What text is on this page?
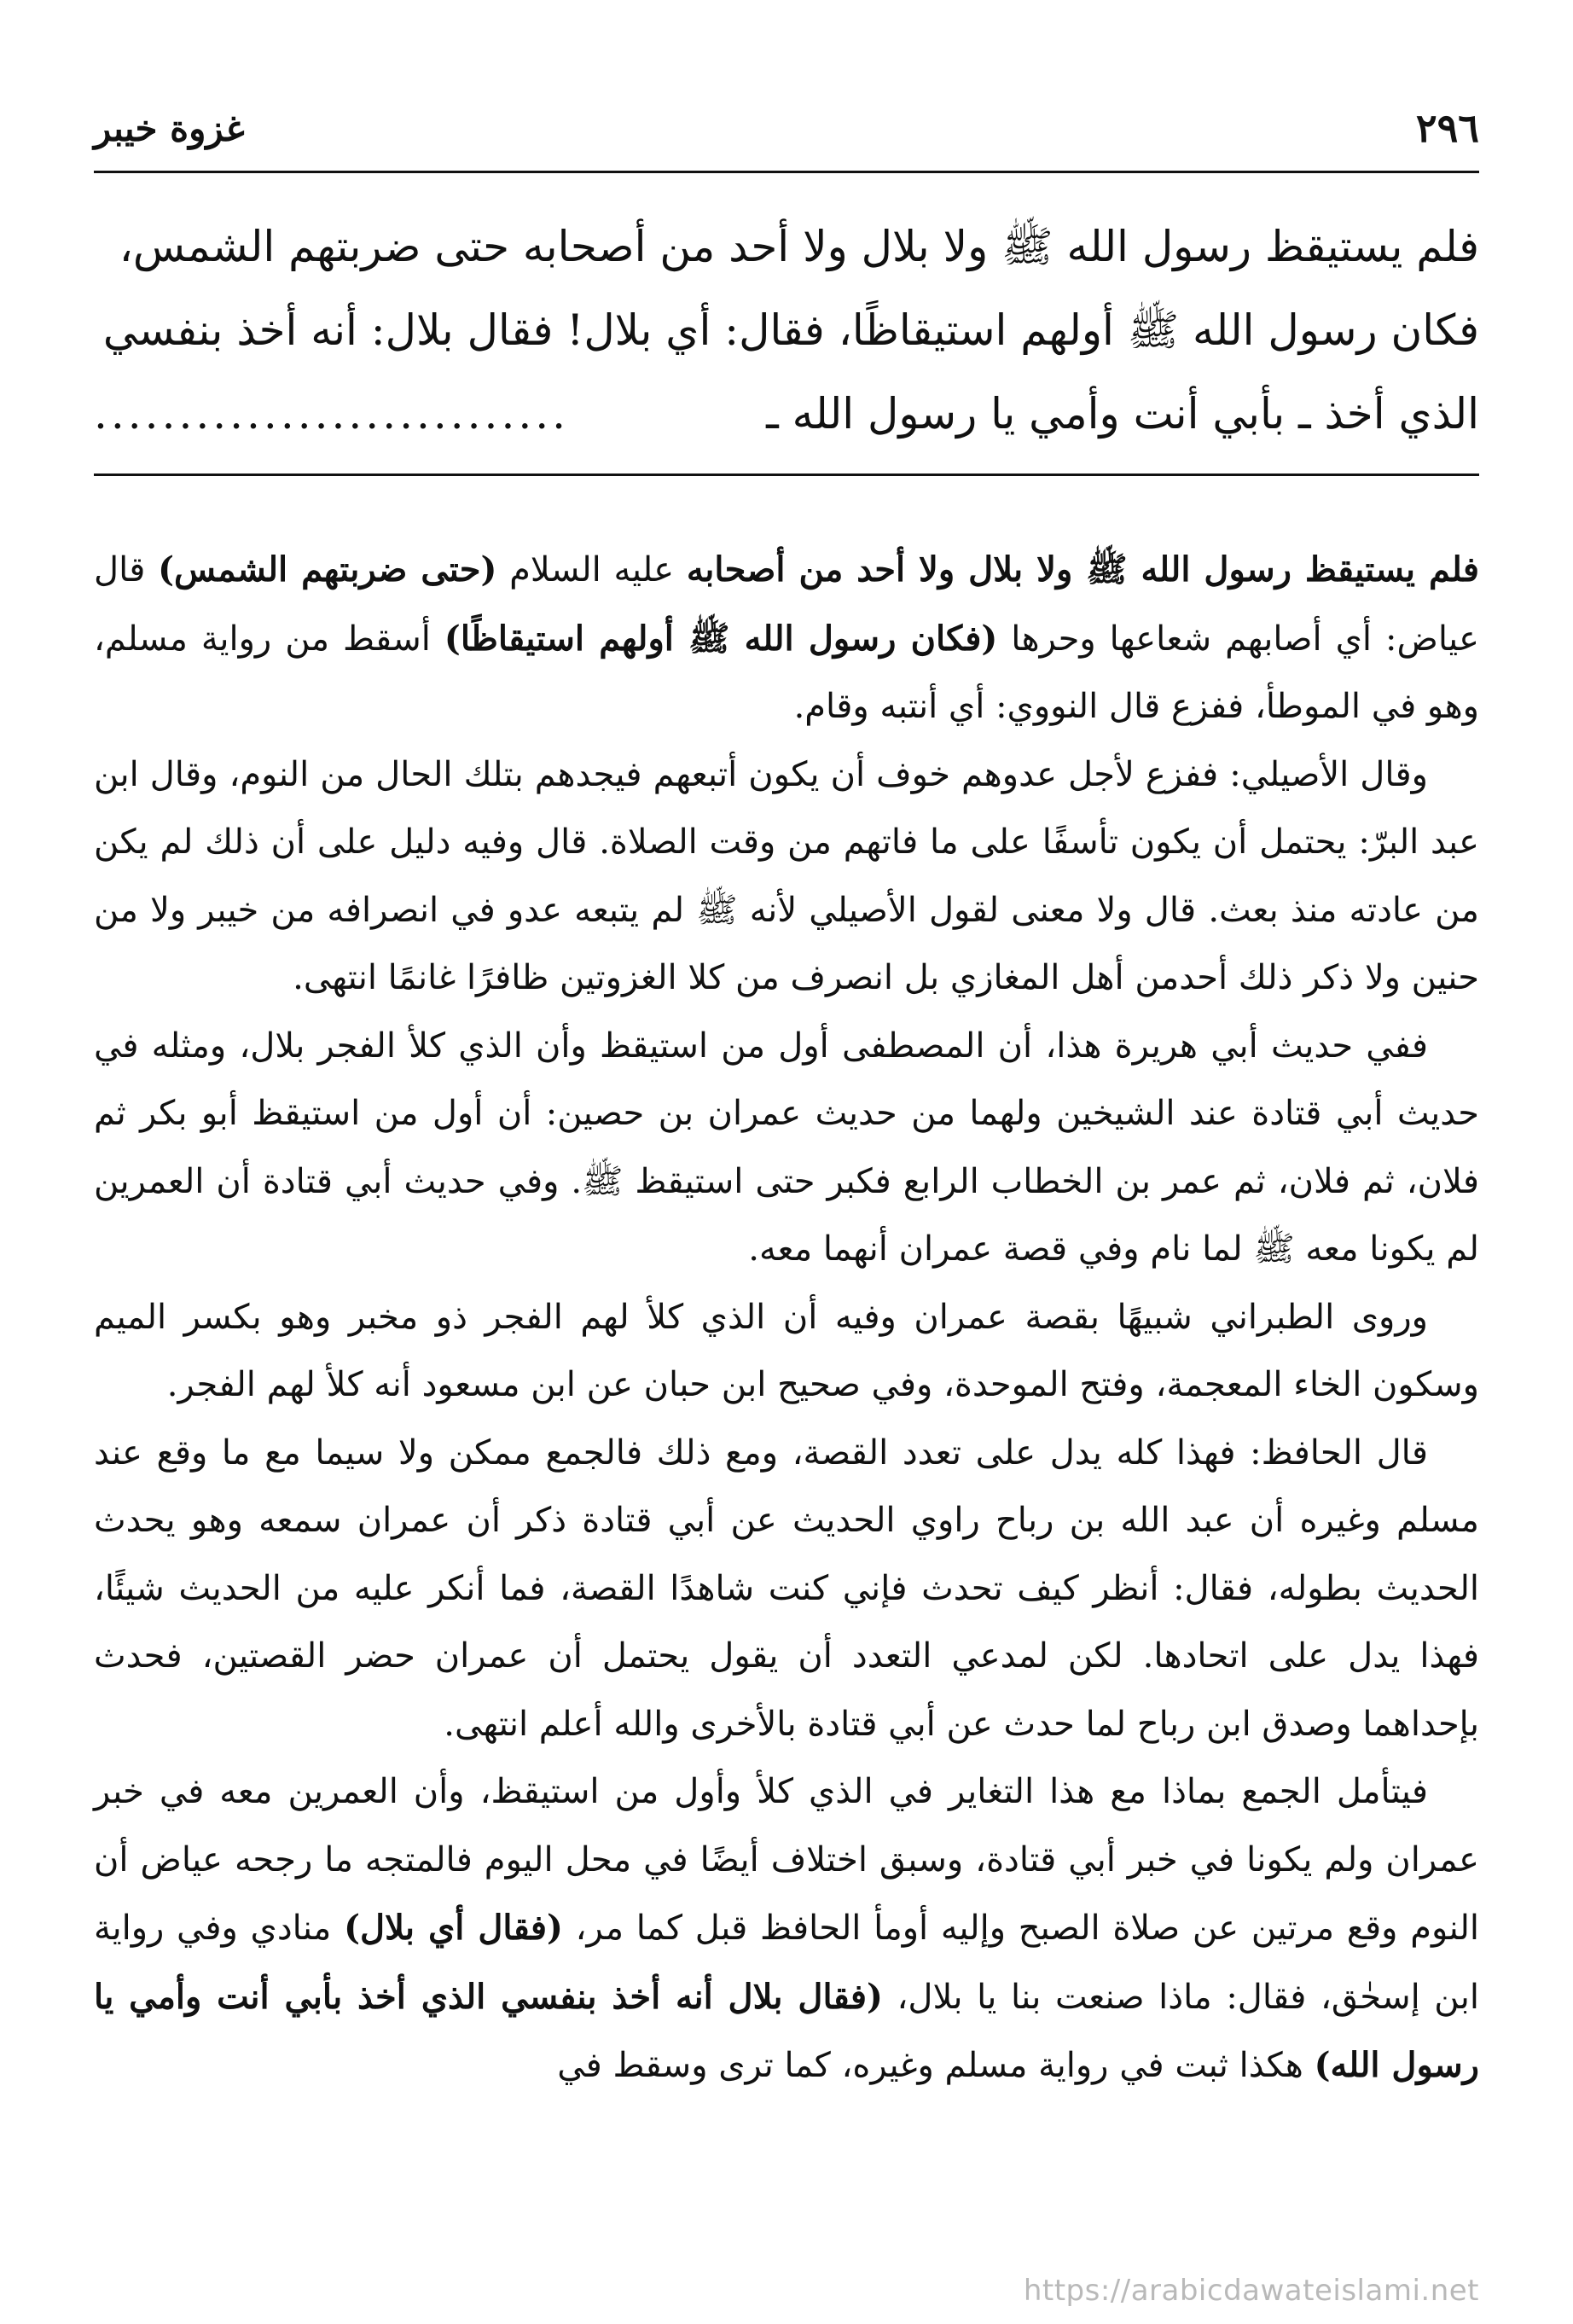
غزوة خيبر	٢٩٦
فلم يستيقظ رسول الله ﷺ ولا بلال ولا أحد من أصحابه حتى ضربتهم الشمس،
فكان رسول الله ﷺ أولهم استيقاظًا، فقال: أي بلال! فقال بلال: أنه أخذ بنفسي
الذي أخذ ـ بأبي أنت وأمي يا رسول الله ـ
............................

فلم يستيقظ رسول الله ﷺ ولا بلال ولا أحد من أصحابه عليه السلام (حتى ضربتهم الشمس) قال عياض: أي أصابهم شعاعها وحرها (فكان رسول الله ﷺ أولهم استيقاظًا) أسقط من رواية مسلم، وهو في الموطأ، ففزع قال النووي: أي أنتبه وقام.

وقال الأصيلي: ففزع لأجل عدوهم خوف أن يكون أتبعهم فيجدهم بتلك الحال من النوم، وقال ابن عبد البرّ: يحتمل أن يكون تأسفًا على ما فاتهم من وقت الصلاة. قال وفيه دليل على أن ذلك لم يكن من عادته منذ بعث. قال ولا معنى لقول الأصيلي لأنه ﷺ لم يتبعه عدو في انصرافه من خيبر ولا من حنين ولا ذكر ذلك أحدمن أهل المغازي بل انصرف من كلا الغزوتين ظافرًا غانمًا انتهى.

ففي حديث أبي هريرة هذا، أن المصطفى أول من استيقظ وأن الذي كلأ الفجر بلال، ومثله في حديث أبي قتادة عند الشيخين ولهما من حديث عمران بن حصين: أن أول من استيقظ أبو بكر ثم فلان، ثم فلان، ثم عمر بن الخطاب الرابع فكبر حتى استيقظ ﷺ. وفي حديث أبي قتادة أن العمرين لم يكونا معه ﷺ لما نام وفي قصة عمران أنهما معه.

وروى الطبراني شبيهًا بقصة عمران وفيه أن الذي كلأ لهم الفجر ذو مخبر وهو بكسر الميم وسكون الخاء المعجمة، وفتح الموحدة، وفي صحيح ابن حبان عن ابن مسعود أنه كلأ لهم الفجر.

قال الحافظ: فهذا كله يدل على تعدد القصة، ومع ذلك فالجمع ممكن ولا سيما مع ما وقع عند مسلم وغيره أن عبد الله بن رباح راوي الحديث عن أبي قتادة ذكر أن عمران سمعه وهو يحدث الحديث بطوله، فقال: أنظر كيف تحدث فإني كنت شاهدًا القصة، فما أنكر عليه من الحديث شيئًا، فهذا يدل على اتحادها. لكن لمدعي التعدد أن يقول يحتمل أن عمران حضر القصتين، فحدث بإحداهما وصدق ابن رباح لما حدث عن أبي قتادة بالأخرى والله أعلم انتهى.

فيتأمل الجمع بماذا مع هذا التغاير في الذي كلأ وأول من استيقظ، وأن العمرين معه في خبر عمران ولم يكونا في خبر أبي قتادة، وسبق اختلاف أيضًا في محل اليوم فالمتجه ما رجحه عياض أن النوم وقع مرتين عن صلاة الصبح وإليه أومأ الحافظ قبل كما مر، (فقال أي بلال) منادي وفي رواية ابن إسحٰق، فقال: ماذا صنعت بنا يا بلال، (فقال بلال أنه أخذ بنفسي الذي أخذ بأبي أنت وأمي يا رسول الله) هكذا ثبت في رواية مسلم وغيره، كما ترى وسقط في

https://arabicdawateislami.net
